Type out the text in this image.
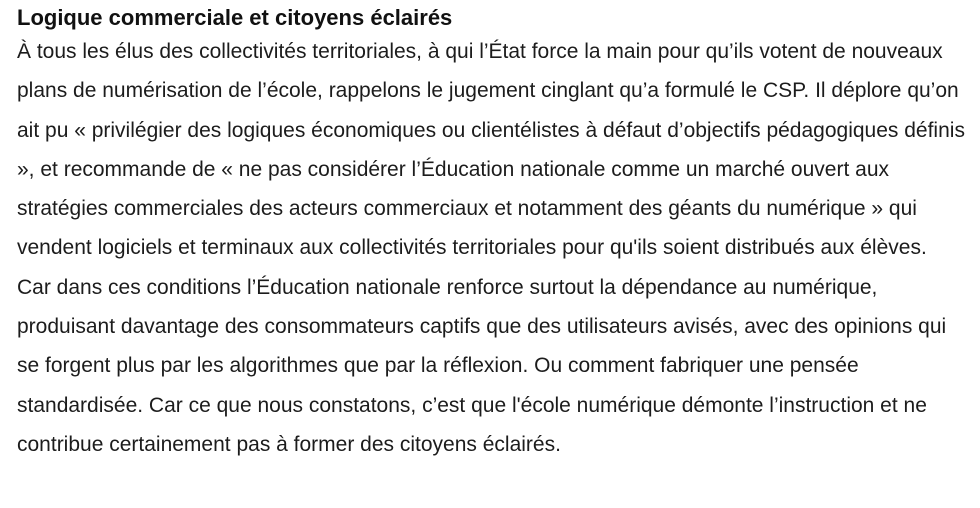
Logique commerciale et citoyens éclairés

À tous les élus des collectivités territoriales, à qui l’État force la main pour qu’ils votent de nouveaux plans de numérisation de l’école, rappelons le jugement cinglant qu’a formulé le CSP. Il déplore qu’on ait pu « privilégier des logiques économiques ou clientélistes à défaut d’objectifs pédagogiques définis », et recommande de « ne pas considérer l’Éducation nationale comme un marché ouvert aux stratégies commerciales des acteurs commerciaux et notamment des géants du numérique » qui vendent logiciels et terminaux aux collectivités territoriales pour qu'ils soient distribués aux élèves.

Car dans ces conditions l’Éducation nationale renforce surtout la dépendance au numérique, produisant davantage des consommateurs captifs que des utilisateurs avisés, avec des opinions qui se forgent plus par les algorithmes que par la réflexion. Ou comment fabriquer une pensée standardisée. Car ce que nous constatons, c’est que l'école numérique démonte l’instruction et ne contribue certainement pas à former des citoyens éclairés.
